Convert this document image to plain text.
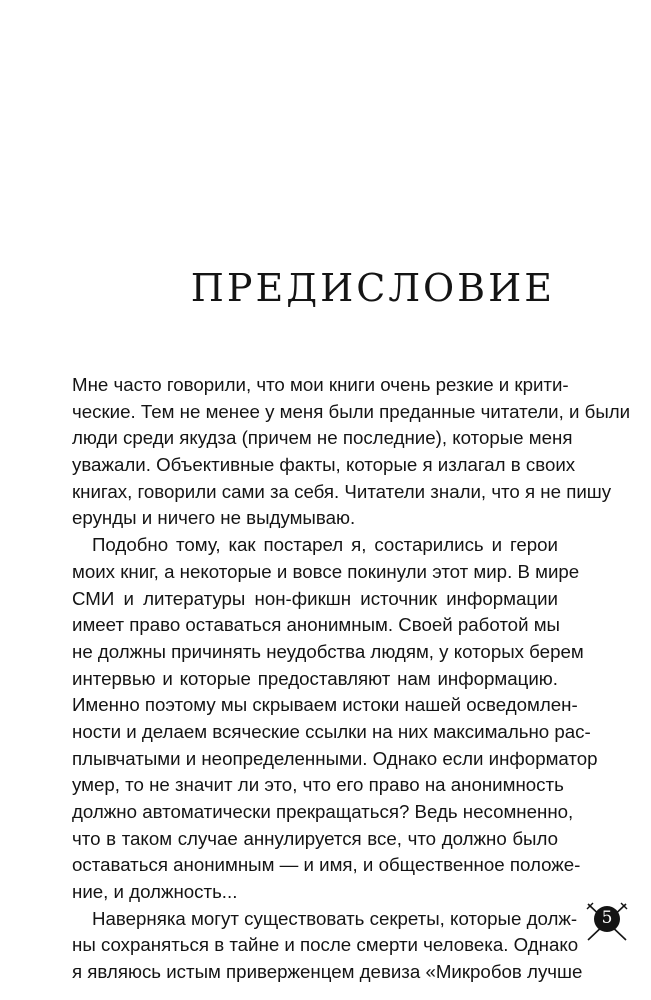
ПРЕДИСЛОВИЕ
Мне часто говорили, что мои книги очень резкие и крити-
ческие. Тем не менее у меня были преданные читатели, и были
люди среди якудза (причем не последние), которые меня
уважали. Объективные факты, которые я излагал в своих
книгах, говорили сами за себя. Читатели знали, что я не пишу
ерунды и ничего не выдумываю.
Подобно тому, как постарел я, состарились и герои
моих книг, а некоторые и вовсе покинули этот мир. В мире
СМИ и литературы нон-фикшн источник информации
имеет право оставаться анонимным. Своей работой мы
не должны причинять неудобства людям, у которых берем
интервью и которые предоставляют нам информацию.
Именно поэтому мы скрываем истоки нашей осведомлен-
ности и делаем всяческие ссылки на них максимально рас-
плывчатыми и неопределенными. Однако если информатор
умер, то не значит ли это, что его право на анонимность
должно автоматически прекращаться? Ведь несомненно,
что в таком случае аннулируется все, что должно было
оставаться анонимным — и имя, и общественное положе-
ние, и должность...
Наверняка могут существовать секреты, которые долж-
ны сохраняться в тайне и после смерти человека. Однако
я являюсь истым приверженцем девиза «Микробов лучше
5
